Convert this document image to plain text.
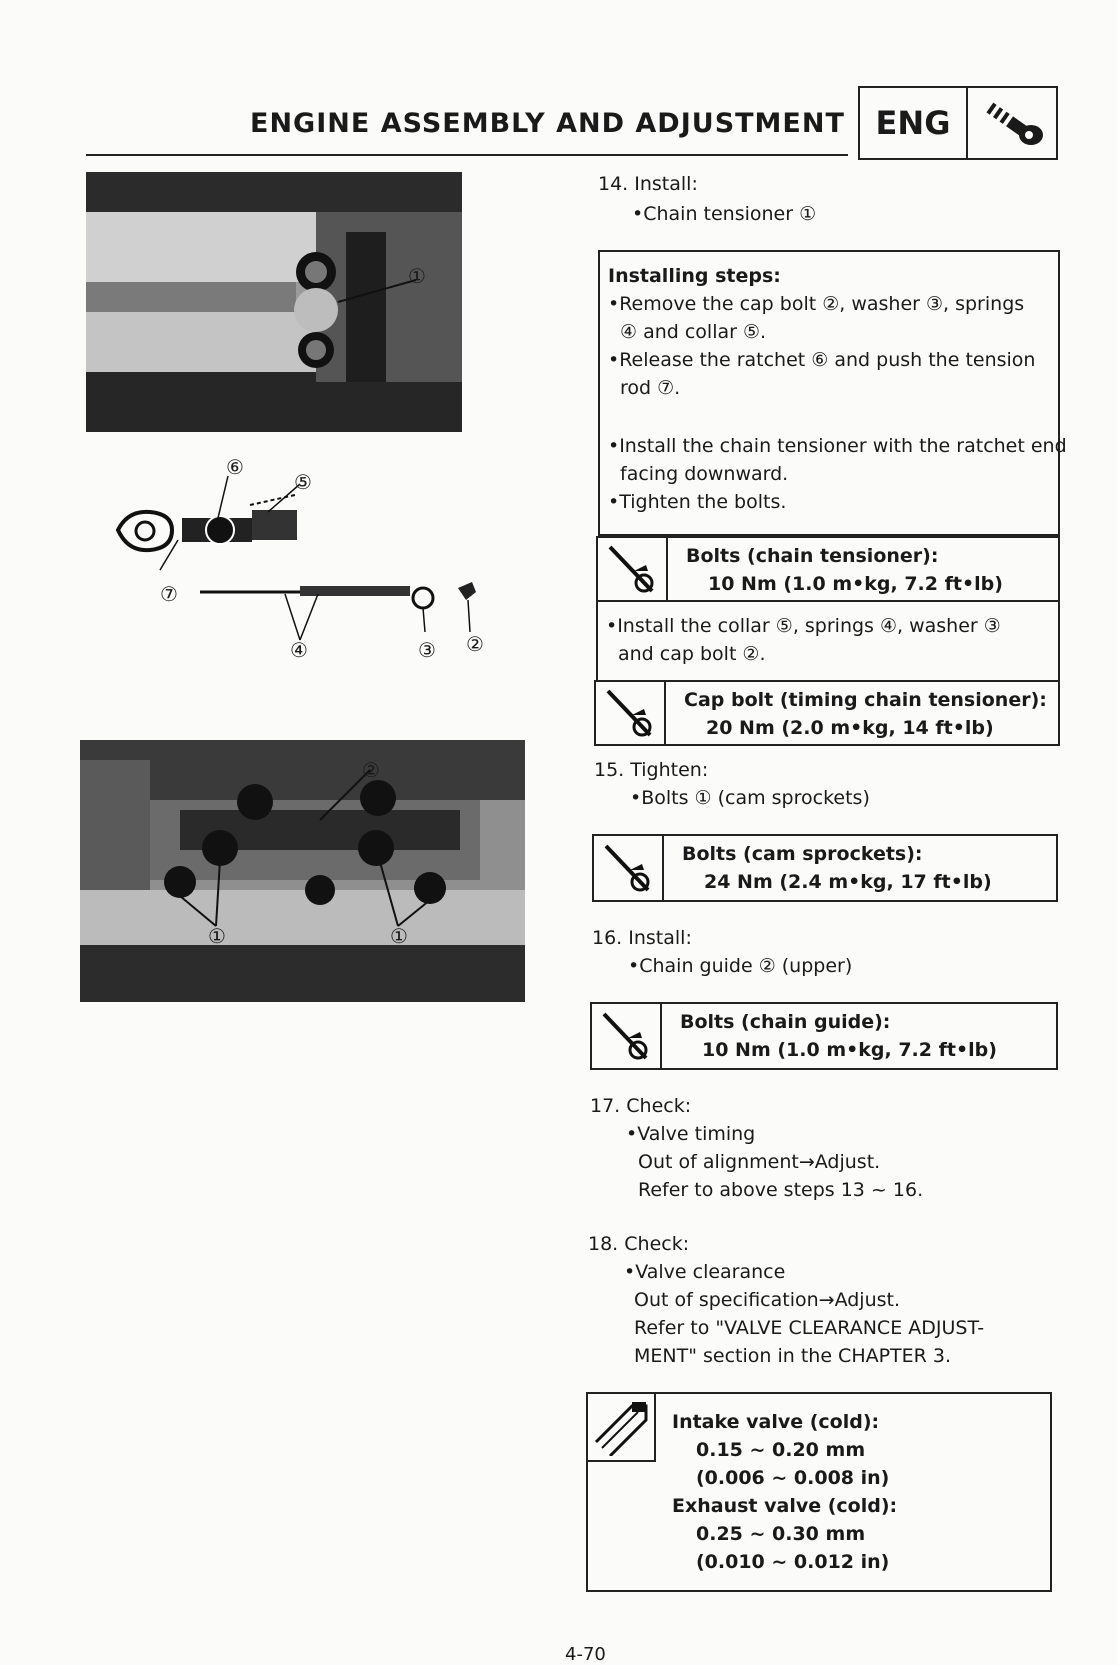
ENGINE ASSEMBLY AND ADJUSTMENT ENG
①
⑥
⑤
⑦
④	③ ②
②
①	①
14. Install:
•Chain tensioner ①
Installing steps:
•Remove the cap bolt ②, washer ③, springs
④ and collar ⑤.
•Release the ratchet ⑥ and push the tension
rod ⑦.
•Install the chain tensioner with the ratchet end
facing downward.
•Tighten the bolts.
Bolts (chain tensioner):
10 Nm (1.0 m•kg, 7.2 ft•lb)
•Install the collar ⑤, springs ④, washer ③
and cap bolt ②.
Cap bolt (timing chain tensioner):
20 Nm (2.0 m•kg, 14 ft•lb)
15. Tighten:
•Bolts ① (cam sprockets)
Bolts (cam sprockets):
24 Nm (2.4 m•kg, 17 ft•lb)
16. Install:
•Chain guide ② (upper)
Bolts (chain guide):
10 Nm (1.0 m•kg, 7.2 ft•lb)
17. Check:
•Valve timing
Out of alignment→Adjust.
Refer to above steps 13 ~ 16.
18. Check:
•Valve clearance
Out of specification→Adjust.
Refer to "VALVE CLEARANCE ADJUST-
MENT" section in the CHAPTER 3.
Intake valve (cold):
0.15 ~ 0.20 mm
(0.006 ~ 0.008 in)
Exhaust valve (cold):
0.25 ~ 0.30 mm
(0.010 ~ 0.012 in)
4-70
